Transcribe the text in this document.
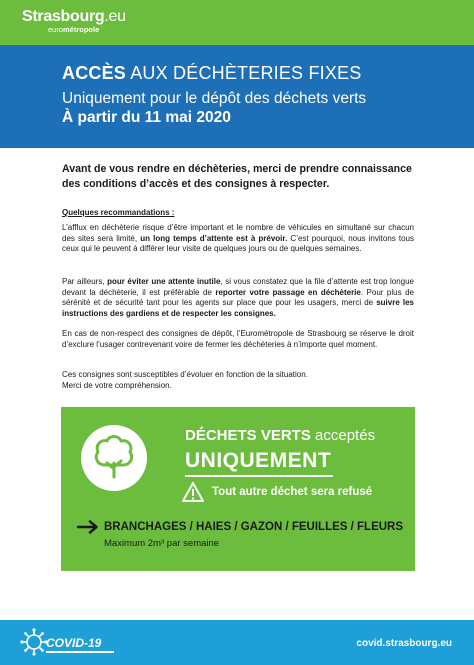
Strasbourg.eu
eurométropole
ACCÈS AUX DÉCHÈTERIES FIXES
Uniquement pour le dépôt des déchets verts
À partir du 11 mai 2020
Avant de vous rendre en déchèteries, merci de prendre connaissance des conditions d’accès et des consignes à respecter.
Quelques recommandations :
L’afflux en déchèterie risque d’être important et le nombre de véhicules en simultané sur chacun des sites sera limité, un long temps d’attente est à prévoir. C’est pourquoi, nous invitons tous ceux qui le peuvent à différer leur visite de quelques jours ou de quelques semaines.
Par ailleurs, pour éviter une attente inutile, si vous constatez que la file d’attente est trop longue devant la déchèterie, il est préférable de reporter votre passage en déchèterie. Pour plus de sérénité et de sécurité tant pour les agents sur place que pour les usagers, merci de suivre les instructions des gardiens et de respecter les consignes.
En cas de non-respect des consignes de dépôt, l’Eurométropole de Strasbourg se réserve le droit d’exclure l’usager contrevenant voire de fermer les déchèteries à n’importe quel moment.
Ces consignes sont susceptibles d’évoluer en fonction de la situation.
Merci de votre compréhension.
DÉCHETS VERTS acceptés
UNIQUEMENT
Tout autre déchet sera refusé
BRANCHAGES / HAIES / GAZON / FEUILLES / FLEURS
Maximum 2m³ par semaine
COVID-19	covid.strasbourg.eu
